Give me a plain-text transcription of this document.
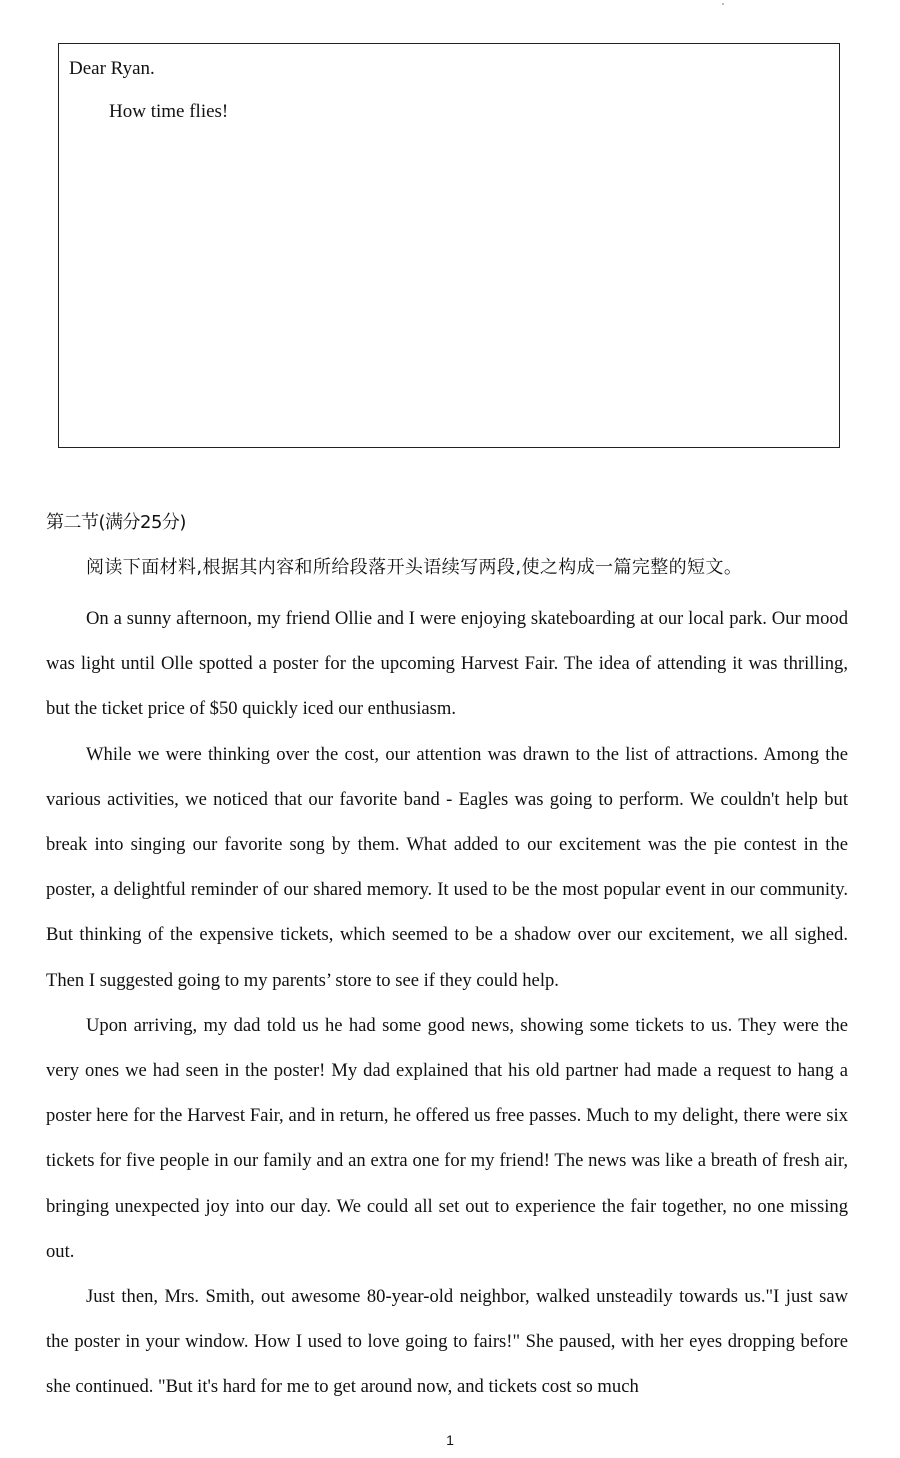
Dear Ryan.
How time flies!
第二节(满分25分)
阅读下面材料,根据其内容和所给段落开头语续写两段,使之构成一篇完整的短文。

On a sunny afternoon, my friend Ollie and I were enjoying skateboarding at our local park. Our mood was light until Olle spotted a poster for the upcoming Harvest Fair. The idea of attending it was thrilling, but the ticket price of $50 quickly iced our enthusiasm.

While we were thinking over the cost, our attention was drawn to the list of attractions. Among the various activities, we noticed that our favorite band - Eagles was going to perform. We couldn't help but break into singing our favorite song by them. What added to our excitement was the pie contest in the poster, a delightful reminder of our shared memory. It used to be the most popular event in our community. But thinking of the expensive tickets, which seemed to be a shadow over our excitement, we all sighed. Then I suggested going to my parents’ store to see if they could help.

Upon arriving, my dad told us he had some good news, showing some tickets to us. They were the very ones we had seen in the poster! My dad explained that his old partner had made a request to hang a poster here for the Harvest Fair, and in return, he offered us free passes. Much to my delight, there were six tickets for five people in our family and an extra one for my friend! The news was like a breath of fresh air, bringing unexpected joy into our day. We could all set out to experience the fair together, no one missing out.

Just then, Mrs. Smith, out awesome 80-year-old neighbor, walked unsteadily towards us."I just saw the poster in your window. How I used to love going to fairs!" She paused, with her eyes dropping before she continued. "But it's hard for me to get around now, and tickets cost so much

1
